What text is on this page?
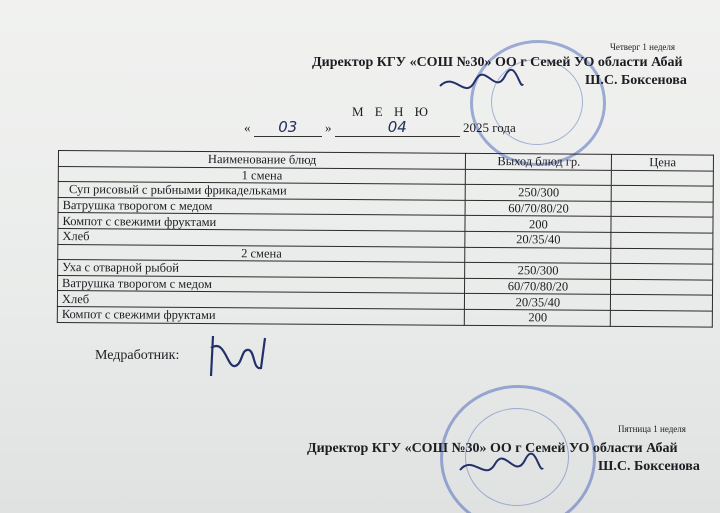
Четверг 1 неделя
Директор КГУ «СОШ №30» ОО г Семей УО области Абай
Ш.С. Боксенова
М Е Н Ю
« 03 »	04	2025 года
Наименование блюд	Выход блюд гр.	Цена
1 смена		
Суп рисовый с рыбными фрикадельками	250/300	
Ватрушка творогом с медом	60/70/80/20	
Компот с свежими фруктами	200	
Хлеб	20/35/40	
2 смена		
Уха с отварной рыбой	250/300	
Ватрушка творогом с медом	60/70/80/20	
Хлеб	20/35/40	
Компот с свежими фруктами	200	
Медработник:
Пятница 1 неделя
Директор КГУ «СОШ №30» ОО г Семей УО области Абай
Ш.С. Боксенова
